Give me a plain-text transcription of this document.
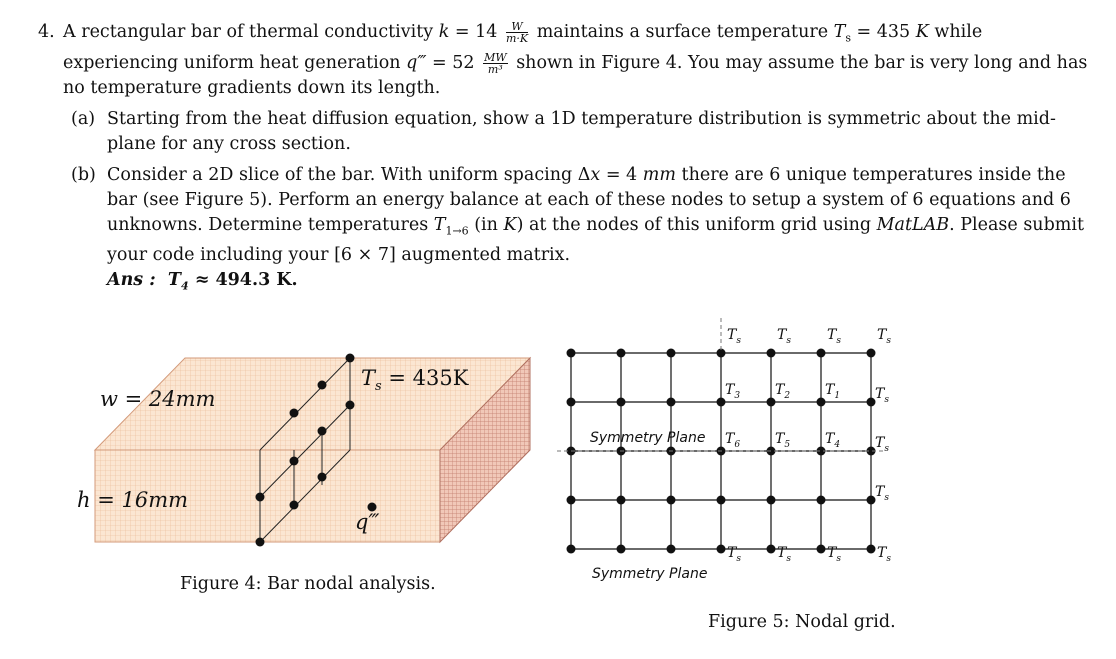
4. A rectangular bar of thermal conductivity $k = 14 \frac{W}{m\cdot K}$ maintains a surface temperature $T_s = 435$ K while experiencing uniform heat generation q‴ = $52 \frac{MW}{\text{m³}}$ shown in Figure 4. You may assume the bar is very long and has no temperature gradients down its length.
(a) Starting from the heat diffusion equation, show a 1D temperature distribution is symmetric about the mid-plane for any cross section.
(b) Consider a 2D slice of the bar. With uniform spacing Δx = 4 mm there are 6 unique temperatures inside the bar (see Figure 5). Perform an energy balance at each of these nodes to setup a system of 6 equations and 6 unknowns. Determine temperatures $T_{1\to 6}$ (in K) at the nodes of this uniform grid using MatLAB. Please submit your code including your [6 × 7] augmented matrix.
Ans : $T_4 \approx 494.3$ K.
w = 24mm
h = 16mm
$T_s = 435K$
q‴
Figure 4: Bar nodal analysis.
$T_s$	$T_s$	$T_s$	$T_s$
$T_s$	$T_s$	$T_s$	$T_s$
$T_s$
$T_s$
$T_s$
$T_3$ $T_2$ $T_1$
$T_6$ $T_5$ $T_4$
Symmetry Plane
Symmetry Plane
Figure 5: Nodal grid.
